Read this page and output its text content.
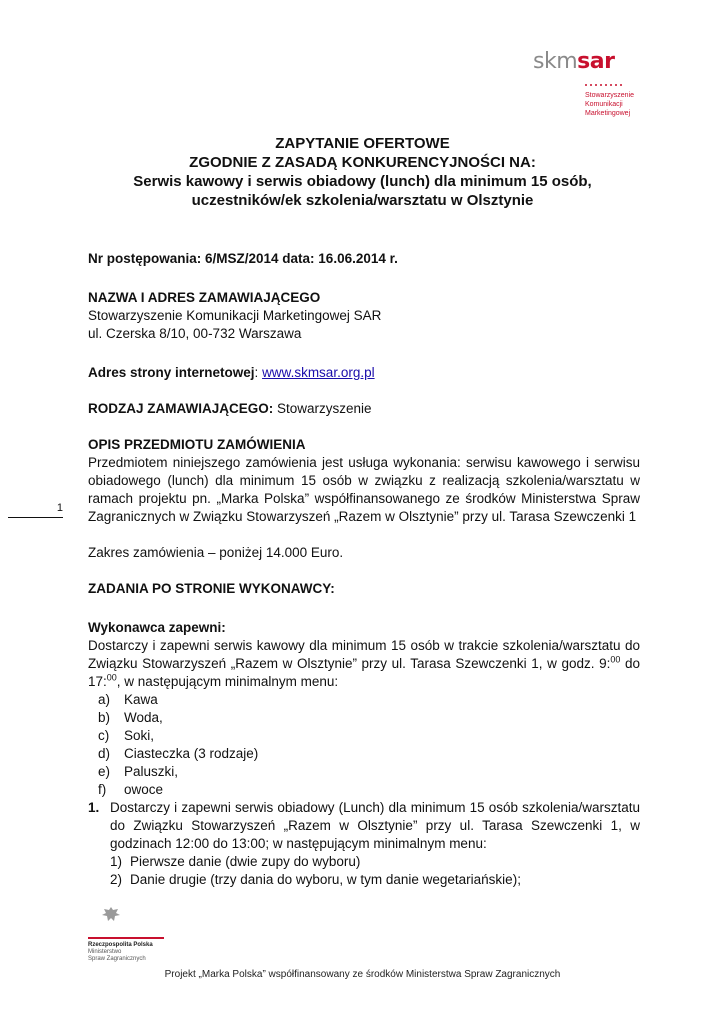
skmsar
Stowarzyszenie
Komunikacji
Marketingowej
ZAPYTANIE OFERTOWE
ZGODNIE Z ZASADĄ KONKURENCYJNOŚCI NA:
Serwis kawowy i serwis obiadowy (lunch) dla minimum 15 osób,
uczestników/ek szkolenia/warsztatu w Olsztynie

Nr postępowania: 6/MSZ/2014 data: 16.06.2014 r.

NAZWA I ADRES ZAMAWIAJĄCEGO

Stowarzyszenie Komunikacji Marketingowej SAR

ul. Czerska 8/10, 00-732 Warszawa

Adres strony internetowej: www.skmsar.org.pl

RODZAJ ZAMAWIAJĄCEGO: Stowarzyszenie

OPIS PRZEDMIOTU ZAMÓWIENIA

Przedmiotem niniejszego zamówienia jest usługa wykonania: serwisu kawowego i serwisu obiadowego (lunch) dla minimum 15 osób w związku z realizacją szkolenia/warsztatu w ramach projektu pn. „Marka Polska” współfinansowanego ze środków Ministerstwa Spraw Zagranicznych w Związku Stowarzyszeń „Razem w Olsztynie” przy ul. Tarasa Szewczenki 1

Zakres zamówienia – poniżej 14.000 Euro.

ZADANIA PO STRONIE WYKONAWCY:

Wykonawca zapewni:

Dostarczy i zapewni serwis kawowy dla minimum 15 osób w trakcie szkolenia/warsztatu do Związku Stowarzyszeń „Razem w Olsztynie” przy ul. Tarasa Szewczenki 1, w godz. 9:$^{00}$ do 17:$^{00}$, w następującym minimalnym menu:

a)	Kawa
b)	Woda,
c)	Soki,
d)	Ciasteczka (3 rodzaje)
e)	Paluszki,
f)	owoce
1. Dostarczy i zapewni serwis obiadowy (Lunch) dla minimum 15 osób szkolenia/warsztatu do Związku Stowarzyszeń „Razem w Olsztynie” przy ul. Tarasa Szewczenki 1, w godzinach 12:00 do 13:00; w następującym minimalnym menu:
1) Pierwsze danie (dwie zupy do wyboru)
2) Danie drugie (trzy dania do wyboru, w tym danie wegetariańskie);
1
Rzeczpospolita Polska
Ministerstwo
Spraw Zagranicznych
Projekt „Marka Polska” współfinansowany ze środków Ministerstwa Spraw Zagranicznych
